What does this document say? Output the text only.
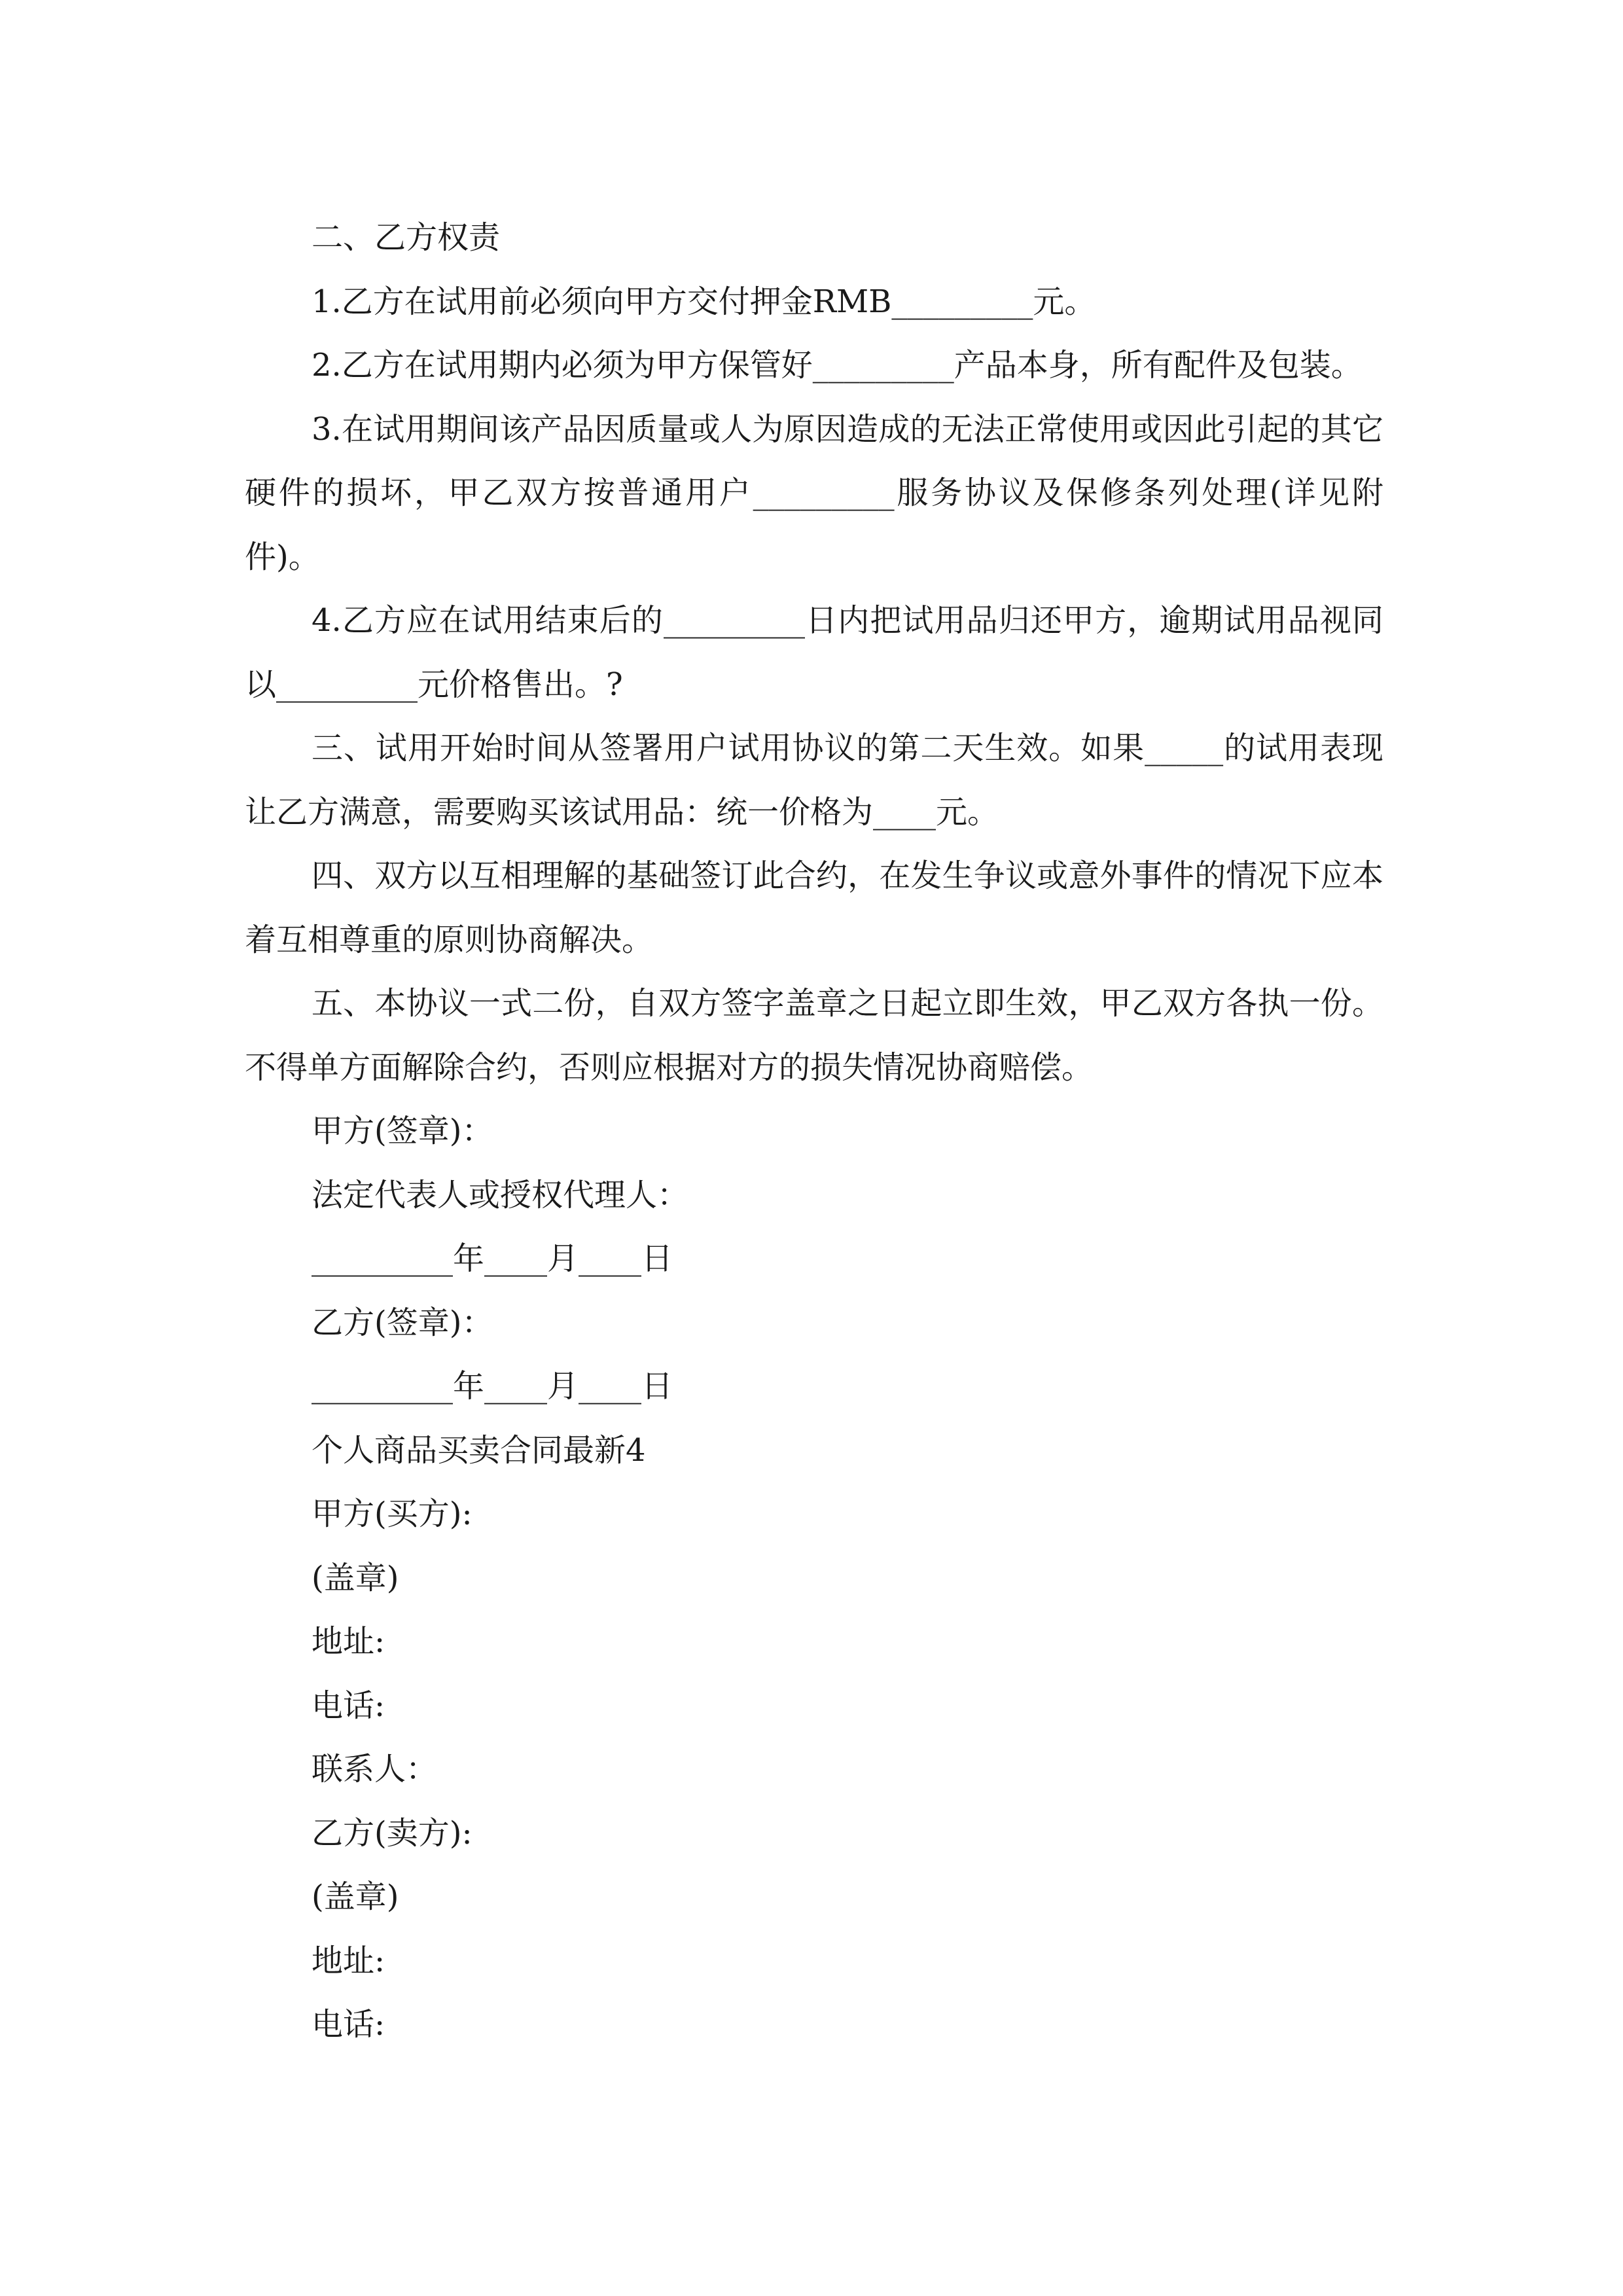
二、乙方权责

1.乙方在试用前必须向甲方交付押金RMB_________元。

2.乙方在试用期内必须为甲方保管好_________产品本身，所有配件及包装。

3.在试用期间该产品因质量或人为原因造成的无法正常使用或因此引起的其它硬件的损坏，甲乙双方按普通用户_________服务协议及保修条列处理(详见附件)。

4.乙方应在试用结束后的_________日内把试用品归还甲方，逾期试用品视同以_________元价格售出。?

三、试用开始时间从签署用户试用协议的第二天生效。如果_____的试用表现让乙方满意，需要购买该试用品：统一价格为____元。

四、双方以互相理解的基础签订此合约，在发生争议或意外事件的情况下应本着互相尊重的原则协商解决。

五、本协议一式二份，自双方签字盖章之日起立即生效，甲乙双方各执一份。不得单方面解除合约，否则应根据对方的损失情况协商赔偿。

甲方(签章)：

法定代表人或授权代理人：

_________年____月____日

乙方(签章)：

_________年____月____日

个人商品买卖合同最新4

甲方(买方):

(盖章)

地址:

电话:

联系人：

乙方(卖方):

(盖章)

地址:

电话:
